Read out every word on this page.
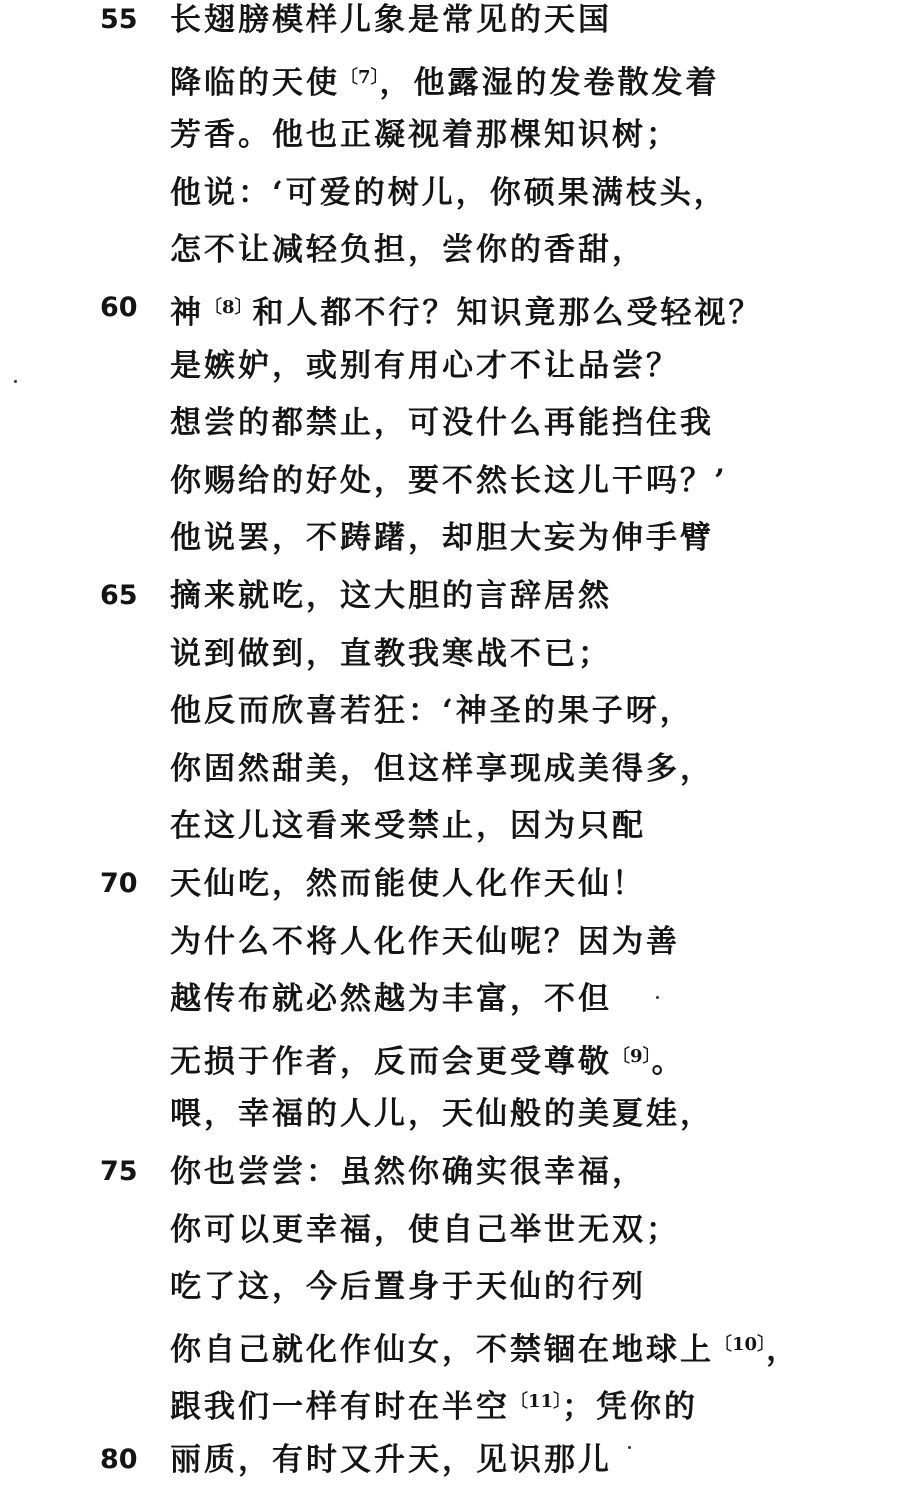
55 长翅膀模样儿象是常见的天国
降临的天使$^{〔7〕}$，他露湿的发卷散发着
芳香。他也正凝视着那棵知识树；
他说：‘可爱的树儿，你硕果满枝头，
怎不让减轻负担，尝你的香甜，
60 神$^{〔8〕}$和人都不行？知识竟那么受轻视？
是嫉妒，或别有用心才不让品尝？
想尝的都禁止，可没什么再能挡住我
你赐给的好处，要不然长这儿干吗？’
他说罢，不踌躇，却胆大妄为伸手臂
65 摘来就吃，这大胆的言辞居然
说到做到，直教我寒战不已；
他反而欣喜若狂：‘神圣的果子呀，
你固然甜美，但这样享现成美得多，
在这儿这看来受禁止，因为只配
70 天仙吃，然而能使人化作天仙！
为什么不将人化作天仙呢？因为善
越传布就必然越为丰富，不但
无损于作者，反而会更受尊敬$^{〔9〕}$。
喂，幸福的人儿，天仙般的美夏娃，
75 你也尝尝：虽然你确实很幸福，
你可以更幸福，使自己举世无双；
吃了这，今后置身于天仙的行列
你自己就化作仙女，不禁锢在地球上$^{〔10〕}$，
跟我们一样有时在半空$^{〔11〕}$；凭你的
80 丽质，有时又升天，见识那儿
